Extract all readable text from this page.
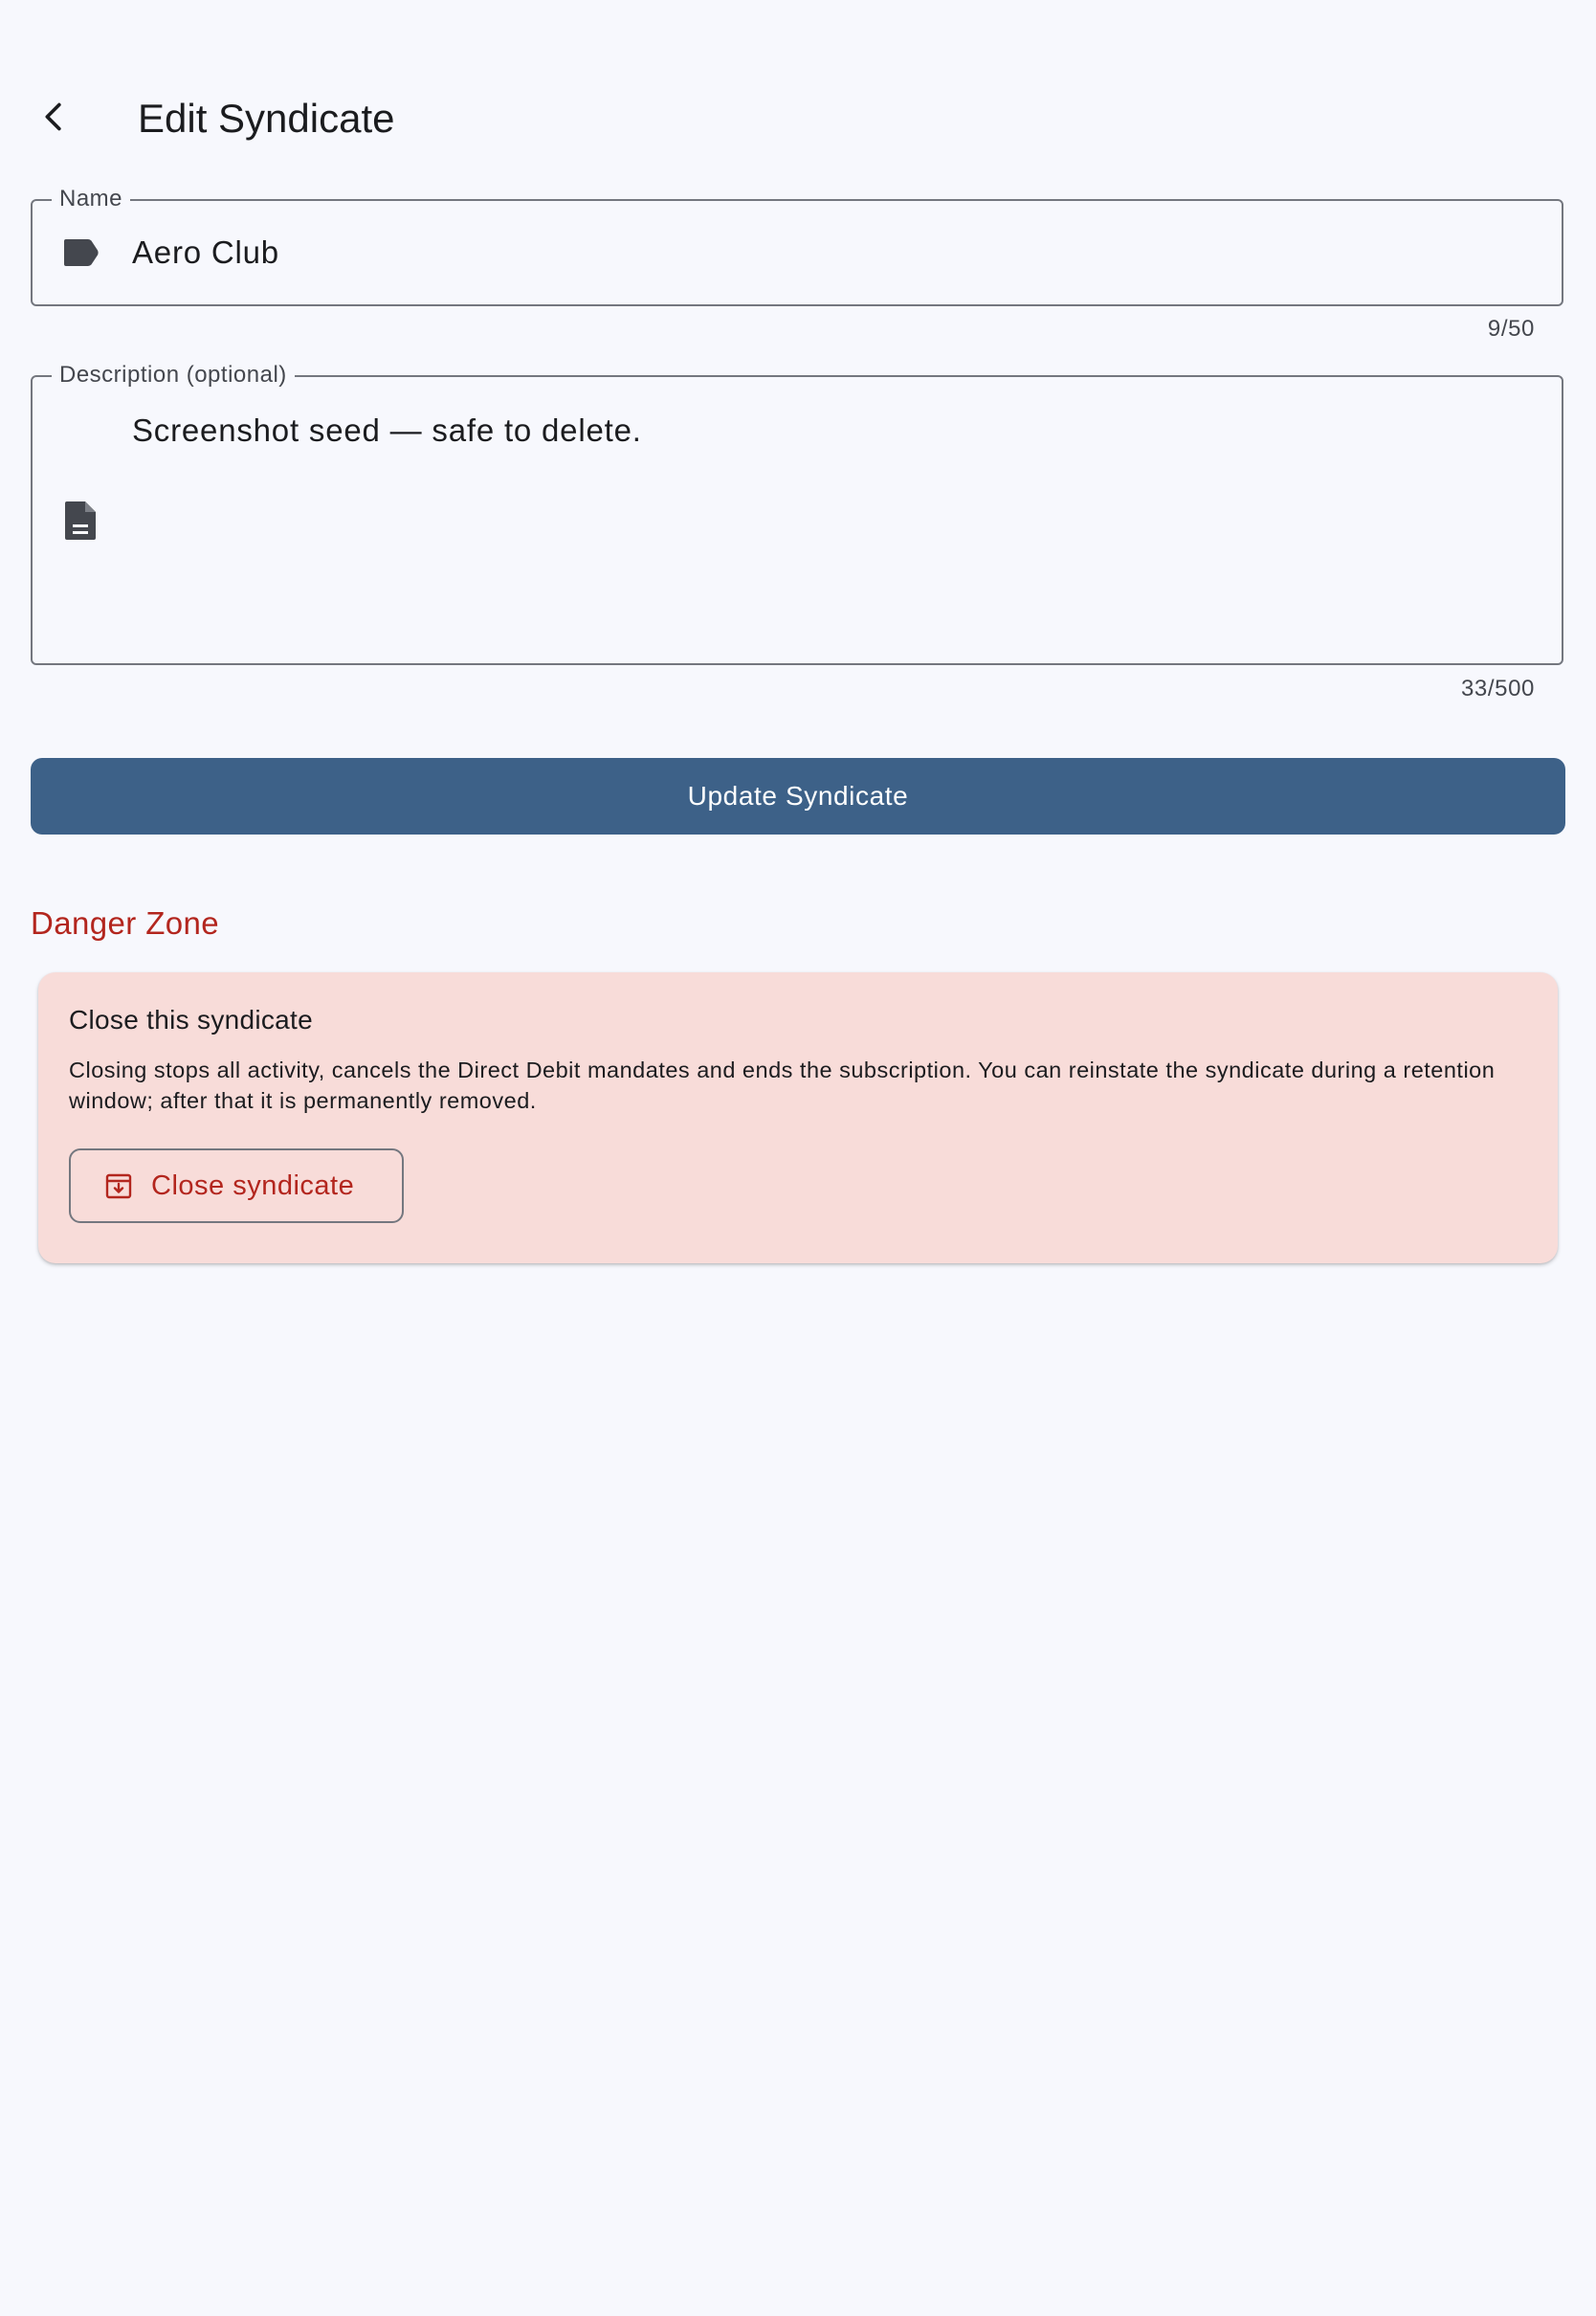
Edit Syndicate
Name
Aero Club
9/50
Description (optional)
Screenshot seed — safe to delete.
33/500
Update Syndicate
Danger Zone
Close this syndicate
Closing stops all activity, cancels the Direct Debit mandates and ends the subscription. You can reinstate the syndicate during a retention window; after that it is permanently removed.
Close syndicate
